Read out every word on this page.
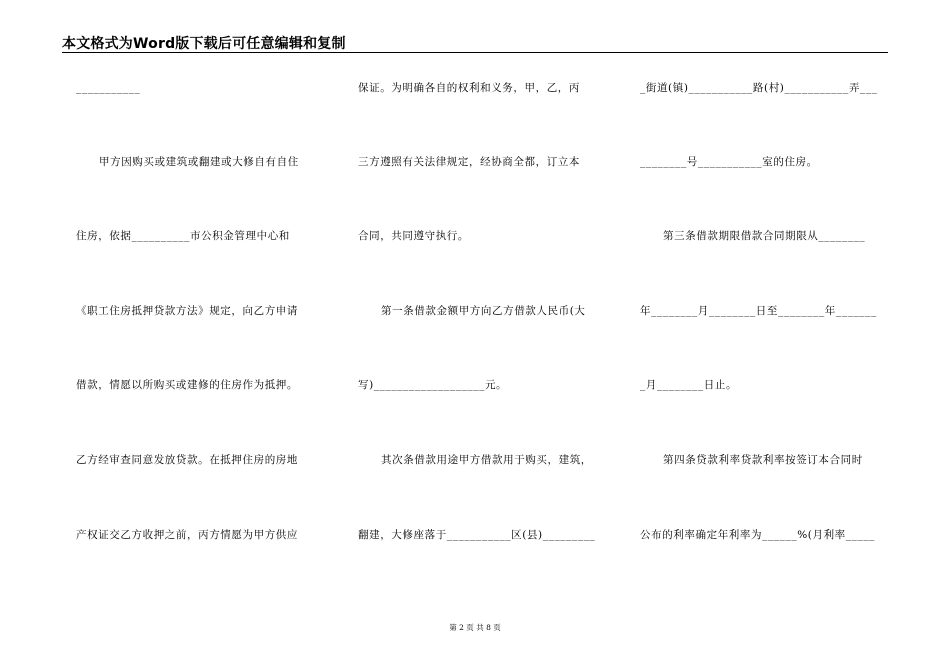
本文格式为Word版下载后可任意编辑和复制
___________
甲方因购买或建筑或翻建或大修自有自住
住房，依据__________市公积金管理中心和
《职工住房抵押贷款方法》规定，向乙方申请
借款，情愿以所购买或建修的住房作为抵押。
乙方经审查同意发放贷款。在抵押住房的房地
产权证交乙方收押之前，丙方情愿为甲方供应
保证。为明确各自的权利和义务，甲，乙，丙
三方遵照有关法律规定，经协商全都，订立本
合同，共同遵守执行。
第一条借款金额甲方向乙方借款人民币(大
写)___________________元。
其次条借款用途甲方借款用于购买，建筑，
翻建，大修座落于___________区(县)_________
_街道(镇)___________路(村)___________弄___
________号___________室的住房。
第三条借款期限借款合同期限从________
年________月________日至________年_______
_月________日止。
第四条贷款利率贷款利率按签订本合同时
公布的利率确定年利率为______%(月利率_____
第 2 页 共 8 页
